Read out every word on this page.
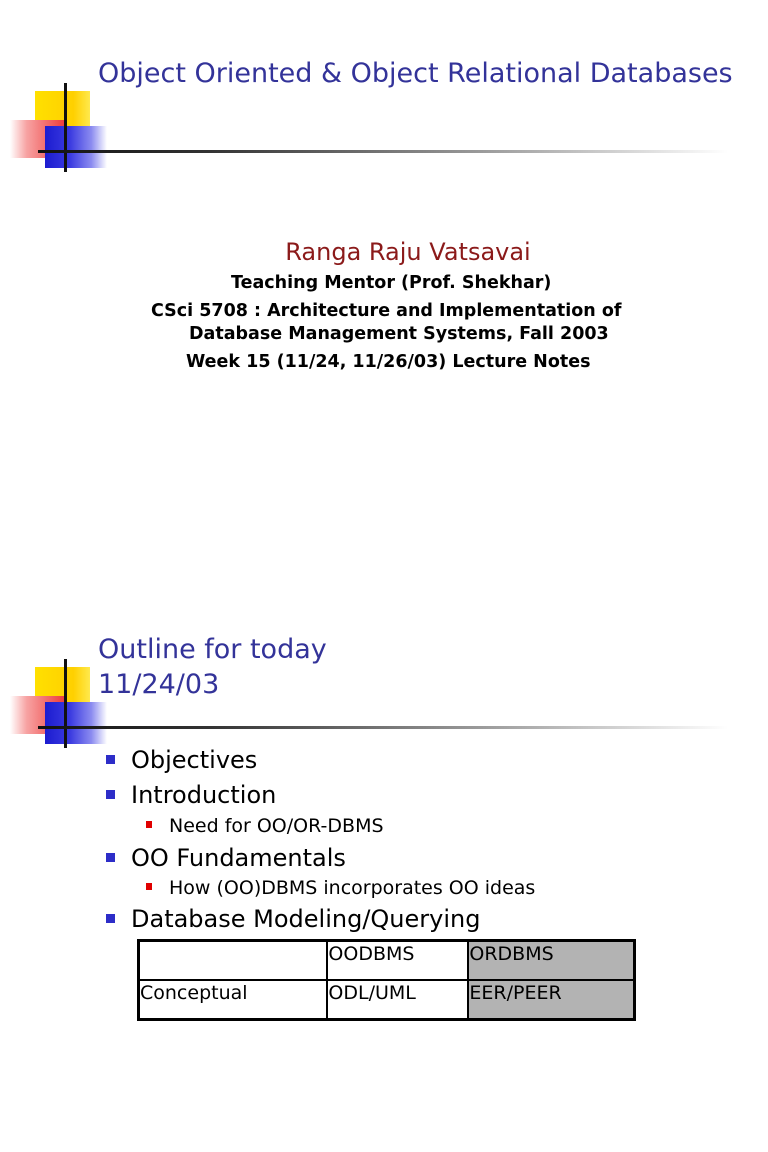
Object Oriented & Object Relational Databases
Ranga Raju Vatsavai
Teaching Mentor (Prof. Shekhar)
CSci 5708 : Architecture and Implementation of
Database Management Systems, Fall 2003
Week 15 (11/24, 11/26/03) Lecture Notes
Outline for today
11/24/03
Objectives
Introduction
Need for OO/OR-DBMS
OO Fundamentals
How (OO)DBMS incorporates OO ideas
Database Modeling/Querying
	OODBMS	ORDBMS
Conceptual	ODL/UML	EER/PEER
